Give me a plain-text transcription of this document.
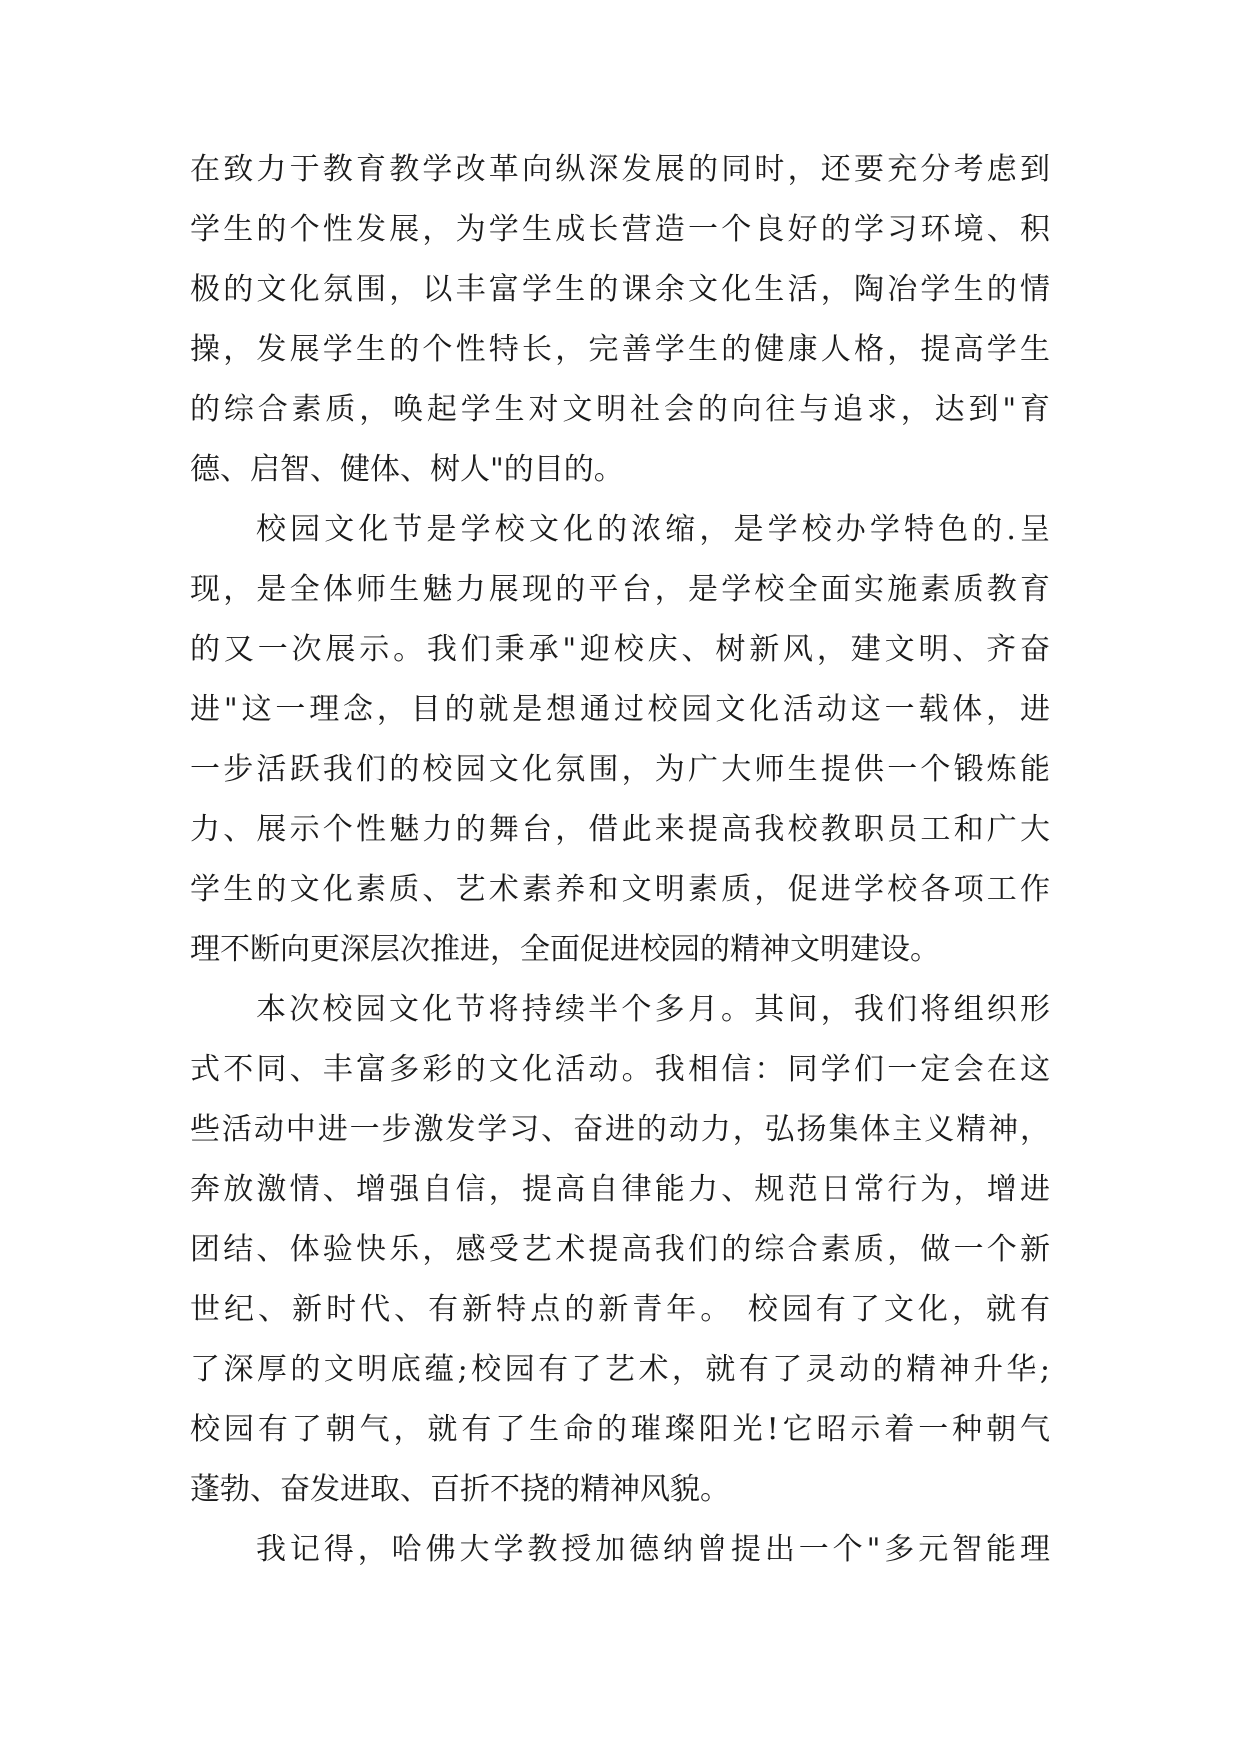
在致力于教育教学改革向纵深发展的同时，还要充分考虑到
学生的个性发展，为学生成长营造一个良好的学习环境、积
极的文化氛围，以丰富学生的课余文化生活，陶冶学生的情
操，发展学生的个性特长，完善学生的健康人格，提高学生
的综合素质，唤起学生对文明社会的向往与追求，达到"育
德、启智、健体、树人"的目的。
校园文化节是学校文化的浓缩，是学校办学特色的.呈
现，是全体师生魅力展现的平台，是学校全面实施素质教育
的又一次展示。我们秉承"迎校庆、树新风，建文明、齐奋
进"这一理念，目的就是想通过校园文化活动这一载体，进
一步活跃我们的校园文化氛围，为广大师生提供一个锻炼能
力、展示个性魅力的舞台，借此来提高我校教职员工和广大
学生的文化素质、艺术素养和文明素质，促进学校各项工作
理不断向更深层次推进，全面促进校园的精神文明建设。
本次校园文化节将持续半个多月。其间，我们将组织形
式不同、丰富多彩的文化活动。我相信：同学们一定会在这
些活动中进一步激发学习、奋进的动力，弘扬集体主义精神，
奔放激情、增强自信，提高自律能力、规范日常行为，增进
团结、体验快乐，感受艺术提高我们的综合素质，做一个新
世纪、新时代、有新特点的新青年。 校园有了文化，就有
了深厚的文明底蕴;校园有了艺术，就有了灵动的精神升华;
校园有了朝气，就有了生命的璀璨阳光!它昭示着一种朝气
蓬勃、奋发进取、百折不挠的精神风貌。
我记得，哈佛大学教授加德纳曾提出一个"多元智能理
